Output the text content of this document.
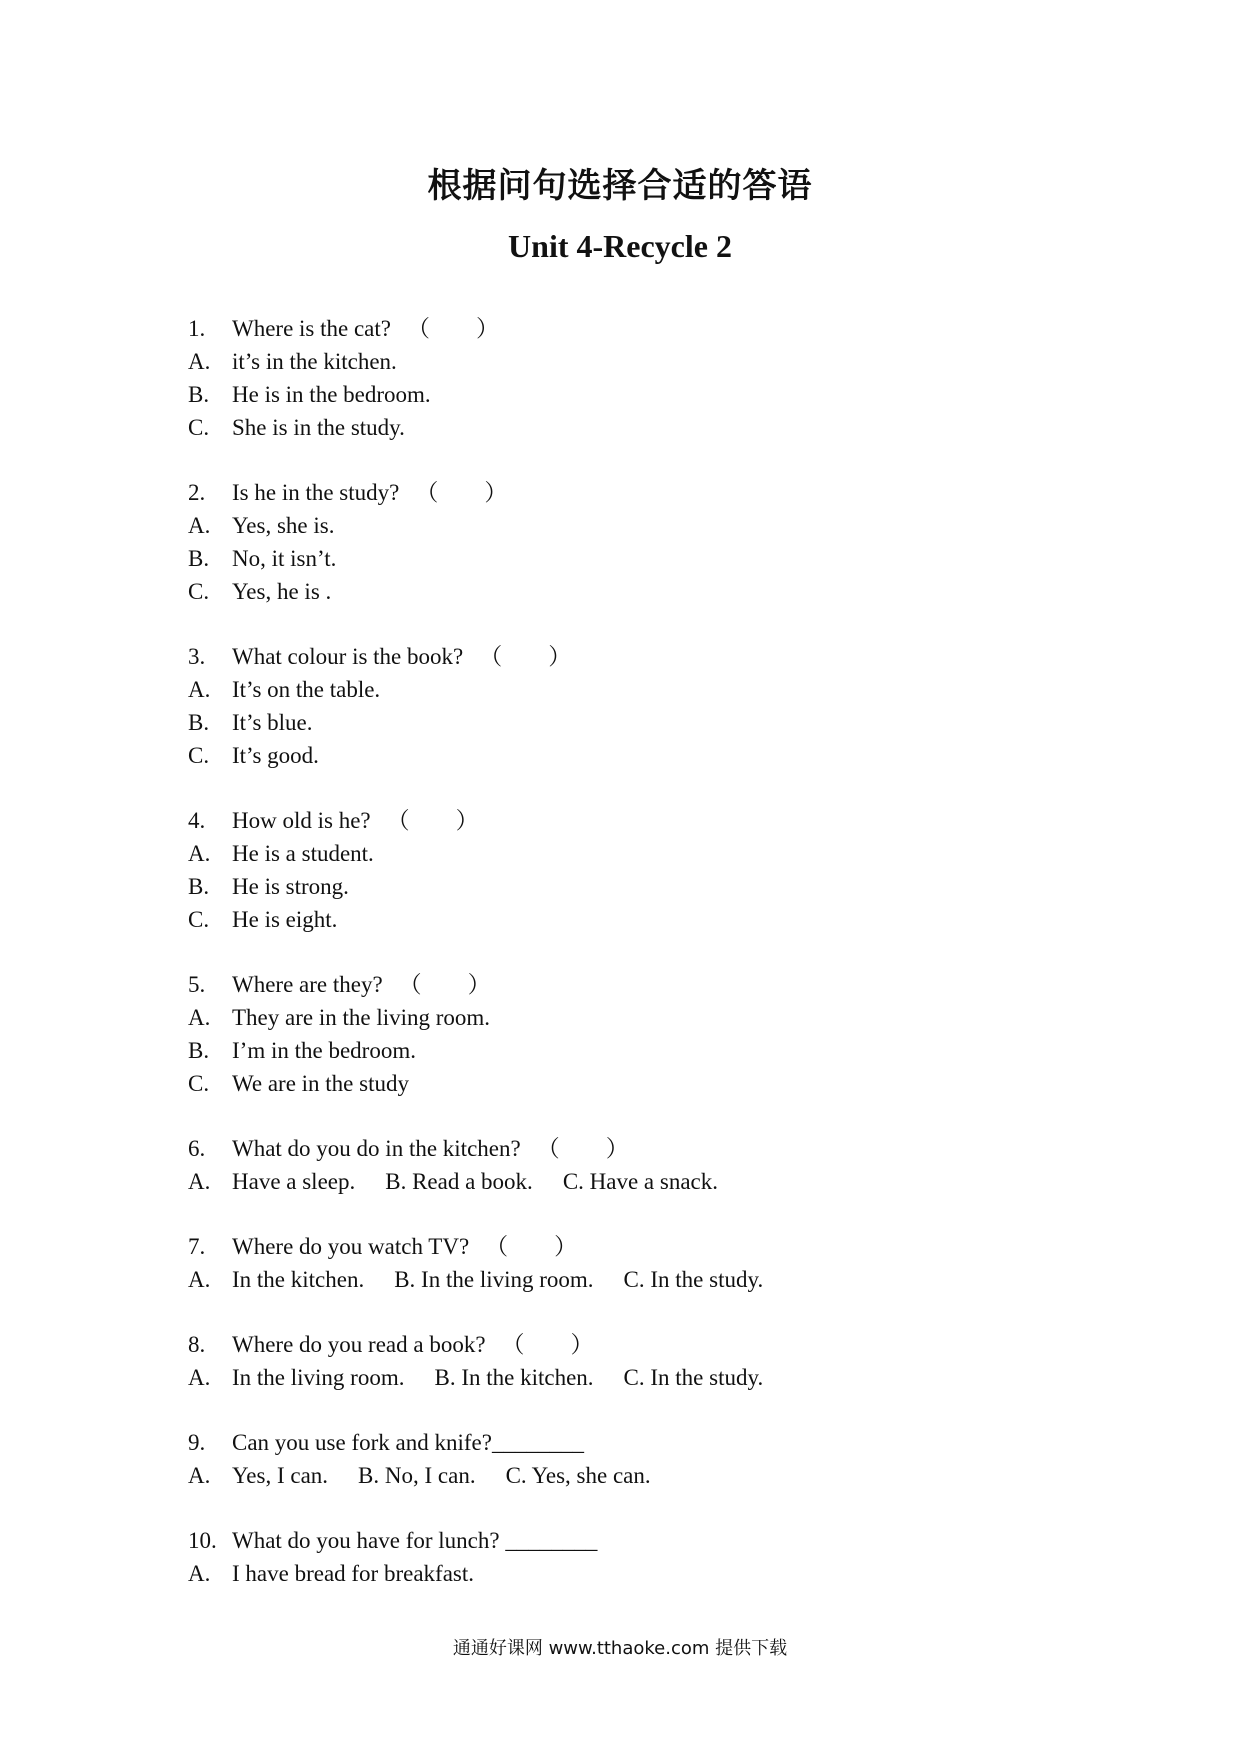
根据问句选择合适的答语
Unit 4-Recycle 2
1.	Where is the cat? （　　）
A. it’s in the kitchen.
B. He is in the bedroom.
C. She is in the study.
2.	Is he in the study? （　　）
A. Yes, she is.
B. No, it isn’t.
C. Yes, he is .
3.	What colour is the book? （　　）
A. It’s on the table.
B. It’s blue.
C. It’s good.
4.	How old is he? （　　）
A. He is a student.
B. He is strong.
C. He is eight.
5.	Where are they? （　　）
A. They are in the living room.
B. I’m in the bedroom.
C. We are in the study
6.	What do you do in the kitchen? （　　）
A. Have a sleep. B. Read a book. C. Have a snack.
7.	Where do you watch TV? （　　）
A. In the kitchen. B. In the living room. C. In the study.
8.	Where do you read a book? （　　）
A. In the living room. B. In the kitchen. C. In the study.
9.	Can you use fork and knife?________
A. Yes, I can. B. No, I can. C. Yes, she can.
10. What do you have for lunch? ________
A. I have bread for breakfast.
通通好课网 www.tthaoke.com 提供下载
